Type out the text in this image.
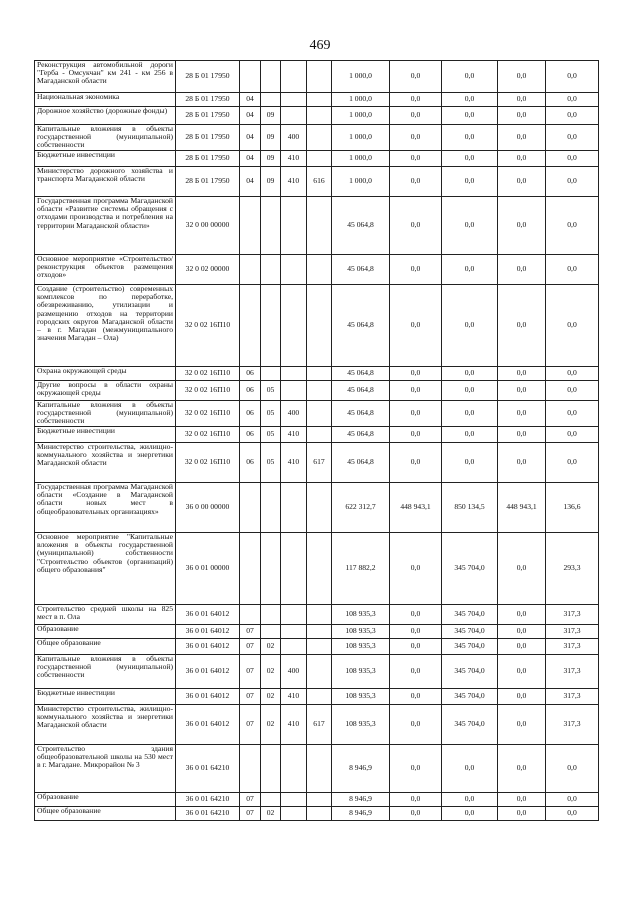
469
Реконструкция автомобильной дороги "Герба - Омсукчан" км 241 - км 256 в Магаданской области	28 Б 01 17950					1 000,0	0,0	0,0	0,0	0,0
Национальная экономика	28 Б 01 17950	04				1 000,0	0,0	0,0	0,0	0,0
Дорожное хозяйство (дорожные фонды)	28 Б 01 17950	04	09			1 000,0	0,0	0,0	0,0	0,0
Капитальные вложения в объекты государственной (муниципальной) собственности	28 Б 01 17950	04	09	400		1 000,0	0,0	0,0	0,0	0,0
Бюджетные инвестиции	28 Б 01 17950	04	09	410		1 000,0	0,0	0,0	0,0	0,0
Министерство дорожного хозяйства и транспорта Магаданской области	28 Б 01 17950	04	09	410	616	1 000,0	0,0	0,0	0,0	0,0
Государственная программа Магаданской области «Развитие системы обращения с отходами производства и потребления на территории Магаданской области»	32 0 00 00000					45 064,8	0,0	0,0	0,0	0,0
Основное мероприятие «Строительство/реконструкция объектов размещения отходов»	32 0 02 00000					45 064,8	0,0	0,0	0,0	0,0
Создание (строительство) современных комплексов по переработке, обезвреживанию, утилизации и размещению отходов на территории городских округов Магаданской области – в г. Магадан (межмуниципального значения Магадан – Ола)	32 0 02 16П10					45 064,8	0,0	0,0	0,0	0,0
Охрана окружающей среды	32 0 02 16П10	06				45 064,8	0,0	0,0	0,0	0,0
Другие вопросы в области охраны окружающей среды	32 0 02 16П10	06	05			45 064,8	0,0	0,0	0,0	0,0
Капитальные вложения в объекты государственной (муниципальной) собственности	32 0 02 16П10	06	05	400		45 064,8	0,0	0,0	0,0	0,0
Бюджетные инвестиции	32 0 02 16П10	06	05	410		45 064,8	0,0	0,0	0,0	0,0
Министерство строительства, жилищно-коммунального хозяйства и энергетики Магаданской области	32 0 02 16П10	06	05	410	617	45 064,8	0,0	0,0	0,0	0,0
Государственная программа Магаданской области «Создание в Магаданской области новых мест в общеобразовательных организациях»	36 0 00 00000					622 312,7	448 943,1	850 134,5	448 943,1	136,6
Основное мероприятие "Капитальные вложения в объекты государственной (муниципальной) собственности "Строительство объектов (организаций) общего образования"	36 0 01 00000					117 882,2	0,0	345 704,0	0,0	293,3
Строительство средней школы на 825 мест в п. Ола	36 0 01 64012					108 935,3	0,0	345 704,0	0,0	317,3
Образование	36 0 01 64012	07				108 935,3	0,0	345 704,0	0,0	317,3
Общее образование	36 0 01 64012	07	02			108 935,3	0,0	345 704,0	0,0	317,3
Капитальные вложения в объекты государственной (муниципальной) собственности	36 0 01 64012	07	02	400		108 935,3	0,0	345 704,0	0,0	317,3
Бюджетные инвестиции	36 0 01 64012	07	02	410		108 935,3	0,0	345 704,0	0,0	317,3
Министерство строительства, жилищно-коммунального хозяйства и энергетики Магаданской области	36 0 01 64012	07	02	410	617	108 935,3	0,0	345 704,0	0,0	317,3
Строительство здания общеобразовательной школы на 530 мест в г. Магадане. Микрорайон № 3	36 0 01 64210					8 946,9	0,0	0,0	0,0	0,0
Образование	36 0 01 64210	07				8 946,9	0,0	0,0	0,0	0,0
Общее образование	36 0 01 64210	07	02			8 946,9	0,0	0,0	0,0	0,0
